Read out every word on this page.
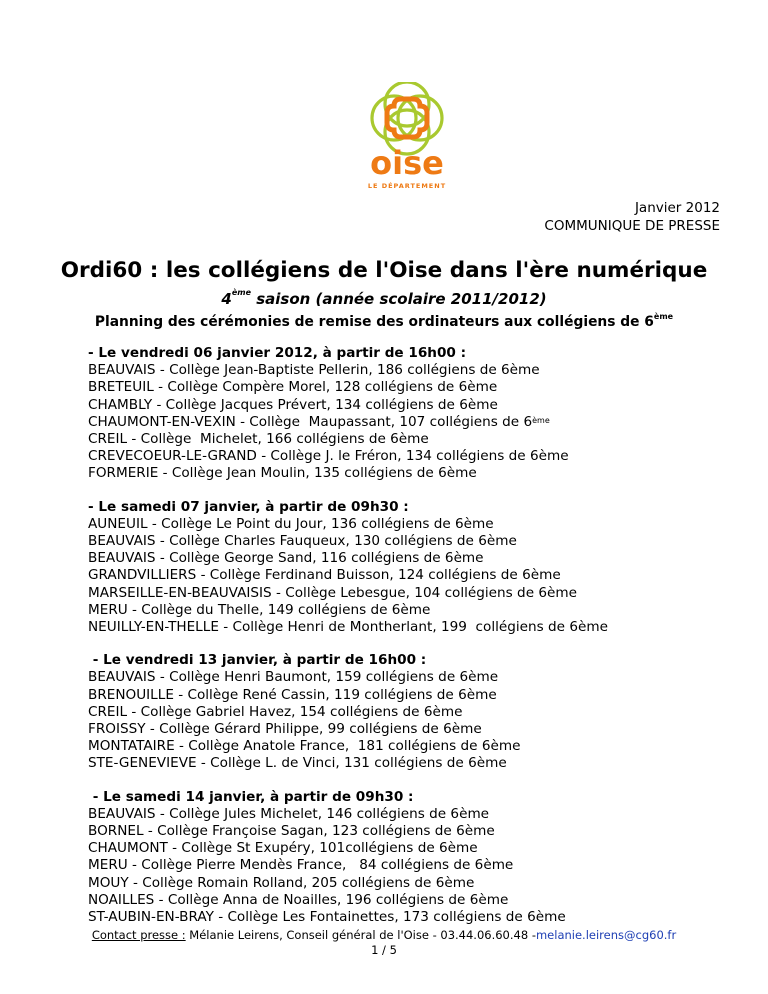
oise
LE DÉPARTEMENT
Janvier 2012
COMMUNIQUE DE PRESSE
Ordi60 : les collégiens de l'Oise dans l'ère numérique
4ème saison (année scolaire 2011/2012)
Planning des cérémonies de remise des ordinateurs aux collégiens de 6ème
- Le vendredi 06 janvier 2012, à partir de 16h00 :
BEAUVAIS - Collège Jean-Baptiste Pellerin, 186 collégiens de 6ème
BRETEUIL - Collège Compère Morel, 128 collégiens de 6ème
CHAMBLY - Collège Jacques Prévert, 134 collégiens de 6ème
CHAUMONT-EN-VEXIN - Collège  Maupassant, 107 collégiens de 6ème
CREIL - Collège  Michelet, 166 collégiens de 6ème
CREVECOEUR-LE-GRAND - Collège J. le Fréron, 134 collégiens de 6ème
FORMERIE - Collège Jean Moulin, 135 collégiens de 6ème
- Le samedi 07 janvier, à partir de 09h30 :
AUNEUIL - Collège Le Point du Jour, 136 collégiens de 6ème
BEAUVAIS - Collège Charles Fauqueux, 130 collégiens de 6ème
BEAUVAIS - Collège George Sand, 116 collégiens de 6ème
GRANDVILLIERS - Collège Ferdinand Buisson, 124 collégiens de 6ème
MARSEILLE-EN-BEAUVAISIS - Collège Lebesgue, 104 collégiens de 6ème
MERU - Collège du Thelle, 149 collégiens de 6ème
NEUILLY-EN-THELLE - Collège Henri de Montherlant, 199  collégiens de 6ème
- Le vendredi 13 janvier, à partir de 16h00 :
BEAUVAIS - Collège Henri Baumont, 159 collégiens de 6ème
BRENOUILLE - Collège René Cassin, 119 collégiens de 6ème
CREIL - Collège Gabriel Havez, 154 collégiens de 6ème
FROISSY - Collège Gérard Philippe, 99 collégiens de 6ème
MONTATAIRE - Collège Anatole France,  181 collégiens de 6ème
STE-GENEVIEVE - Collège L. de Vinci, 131 collégiens de 6ème
- Le samedi 14 janvier, à partir de 09h30 :
BEAUVAIS - Collège Jules Michelet, 146 collégiens de 6ème
BORNEL - Collège Françoise Sagan, 123 collégiens de 6ème
CHAUMONT - Collège St Exupéry, 101collégiens de 6ème
MERU - Collège Pierre Mendès France,   84 collégiens de 6ème
MOUY - Collège Romain Rolland, 205 collégiens de 6ème
NOAILLES - Collège Anna de Noailles, 196 collégiens de 6ème
ST-AUBIN-EN-BRAY - Collège Les Fontainettes, 173 collégiens de 6ème
Contact presse : Mélanie Leirens, Conseil général de l'Oise - 03.44.06.60.48 -melanie.leirens@cg60.fr
1 / 5
